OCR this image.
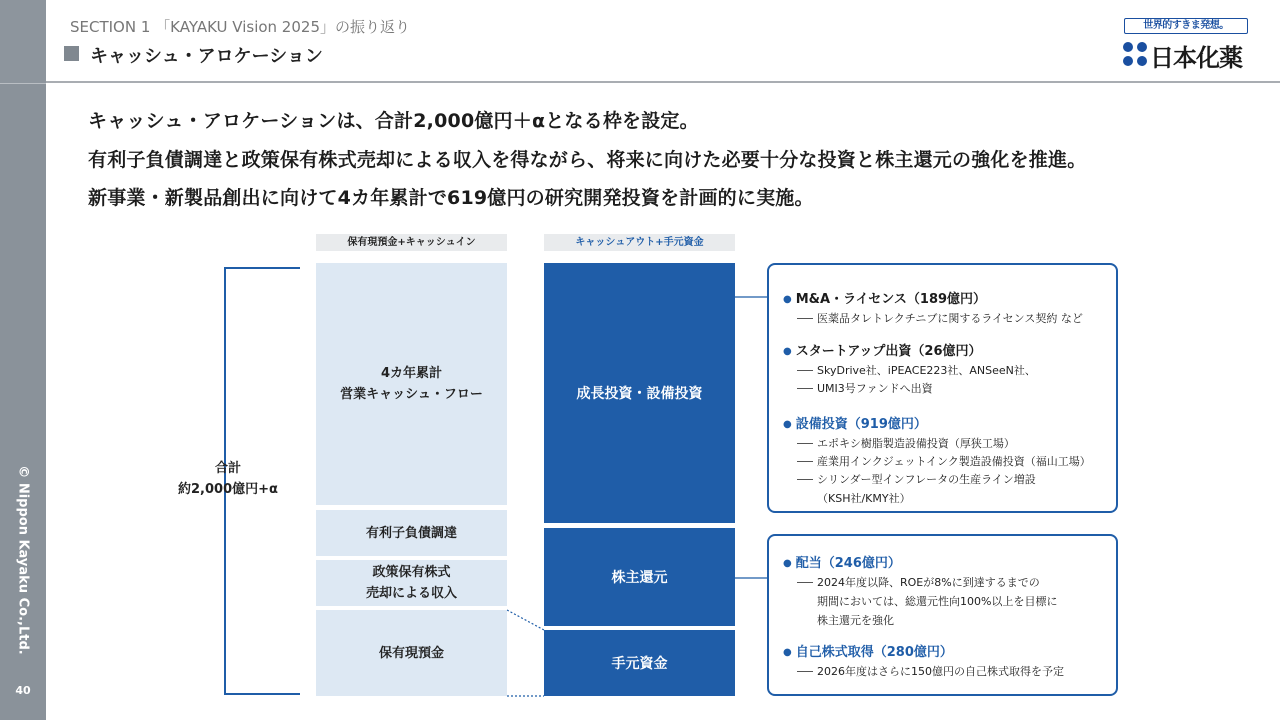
© Nippon Kayaku Co.,Ltd.
40
SECTION 1 「KAYAKU Vision 2025」の振り返り
キャッシュ・アロケーション
世界的すきま発想。
日本化薬
キャッシュ・アロケーションは、合計2,000億円＋αとなる枠を設定。
有利子負債調達と政策保有株式売却による収入を得ながら、将来に向けた必要十分な投資と株主還元の強化を推進。
新事業・新製品創出に向けて4カ年累計で619億円の研究開発投資を計画的に実施。
保有現預金+キャッシュイン	キャッシュアウト+手元資金
合計
約2,000億円+α
4カ年累計
営業キャッシュ・フロー
有利子負債調達
政策保有株式
売却による収入
保有現預金
成長投資・設備投資
株主還元
手元資金
● M&A・ライセンス（189億円）
医薬品タレトレクチニブに関するライセンス契約 など
● スタートアップ出資（26億円）
SkyDrive社、iPEACE223社、ANSeeN社、
UMI3号ファンドへ出資
● 設備投資（919億円）
エポキシ樹脂製造設備投資（厚狭工場）
産業用インクジェットインク製造設備投資（福山工場）
シリンダー型インフレータの生産ライン増設
（KSH社/KMY社）
● 配当（246億円）
2024年度以降、ROEが8%に到達するまでの
期間においては、総還元性向100%以上を目標に
株主還元を強化
● 自己株式取得（280億円）
2026年度はさらに150億円の自己株式取得を予定
